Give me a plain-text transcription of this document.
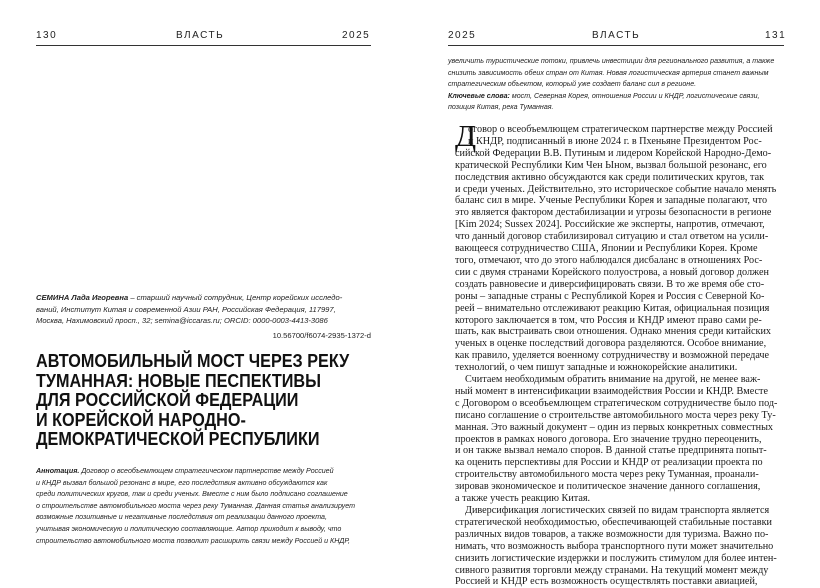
130	ВЛАСТЬ	2025
СЕМИНА Лада Игоревна – старший научный сотрудник, Центр корейских исследо-
ваний, Институт Китая и современной Азии РАН, Российская Федерация, 117997,
Москва, Нахимовский просп., 32; semina@iccaras.ru; ORCID: 0000-0003-4413-3086
10.56700/f6074-2935-1372-d
АВТОМОБИЛЬНЫЙ МОСТ ЧЕРЕЗ РЕКУ
ТУМАННАЯ: НОВЫЕ ПЕСПЕКТИВЫ
ДЛЯ РОССИЙСКОЙ ФЕДЕРАЦИИ
И КОРЕЙСКОЙ НАРОДНО-
ДЕМОКРАТИЧЕСКОЙ РЕСПУБЛИКИ
Аннотация. Договор о всеобъемлющем стратегическом партнерстве между Россией
и КНДР вызвал большой резонанс в мире, его последствия активно обсуждаются как
среди политических кругов, так и среди ученых. Вместе с ним было подписано соглашение
о строительстве автомобильного моста через реку Туманная. Данная статья анализирует
возможные позитивные и негативные последствия от реализации данного проекта,
учитывая экономическую и политическую составляющие. Автор приходит к выводу, что
строительство автомобильного моста позволит расширить связи между Россией и КНДР,
2025	ВЛАСТЬ	131
увеличить туристические потоки, привлечь инвестиции для регионального развития, а также
снизить зависимость обеих стран от Китая. Новая логистическая артерия станет важным
стратегическим объектом, который уже создает баланс сил в регионе.
Ключевые слова: мост, Северная Корея, отношения России и КНДР, логистические связи,
позиция Китая, река Туманная.
Д
оговор о всеобъемлющем стратегическом партнерстве между Россией
и КНДР, подписанный в июне 2024 г. в Пхеньяне Президентом Рос-
сийской Федерации В.В. Путиным и лидером Корейской Народно-Демо-
кратической Республики Ким Чен Ыном, вызвал большой резонанс, его
последствия активно обсуждаются как среди политических кругов, так
и среди ученых. Действительно, это историческое событие начало менять
баланс сил в мире. Ученые Республики Корея и западные полагают, что
это является фактором дестабилизации и угрозы безопасности в регионе
[Kim 2024; Sussex 2024]. Российские же эксперты, напротив, отмечают,
что данный договор стабилизировал ситуацию и стал ответом на усили-
вающееся сотрудничество США, Японии и Республики Корея. Кроме
того, отмечают, что до этого наблюдался дисбаланс в отношениях Рос-
сии с двумя странами Корейского полуострова, а новый договор должен
создать равновесие и диверсифицировать связи. В то же время обе сто-
роны – западные страны с Республикой Корея и Россия с Северной Ко-
реей – внимательно отслеживают реакцию Китая, официальная позиция
которого заключается в том, что Россия и КНДР имеют право сами ре-
шать, как выстраивать свои отношения. Однако мнения среди китайских
ученых в оценке последствий договора разделяются. Особое внимание,
как правило, уделяется военному сотрудничеству и возможной передаче
технологий, о чем пишут западные и южнокорейские аналитики.
Считаем необходимым обратить внимание на другой, не менее важ-
ный момент в интенсификации взаимодействия России и КНДР. Вместе
с Договором о всеобъемлющем стратегическом сотрудничестве было под-
писано соглашение о строительстве автомобильного моста через реку Ту-
манная. Это важный документ – один из первых конкретных совместных
проектов в рамках нового договора. Его значение трудно переоценить,
и он также вызвал немало споров. В данной статье предпринята попыт-
ка оценить перспективы для России и КНДР от реализации проекта по
строительству автомобильного моста через реку Туманная, проанали-
зировав экономическое и политическое значение данного соглашения,
а также учесть реакцию Китая.
Диверсификация логистических связей по видам транспорта является
стратегической необходимостью, обеспечивающей стабильные поставки
различных видов товаров, а также возможности для туризма. Важно по-
нимать, что возможность выбора транспортного пути может значительно
снизить логистические издержки и послужить стимулом для более интен-
сивного развития торговли между странами. На текущий момент между
Россией и КНДР есть возможность осуществлять поставки авиацией,
